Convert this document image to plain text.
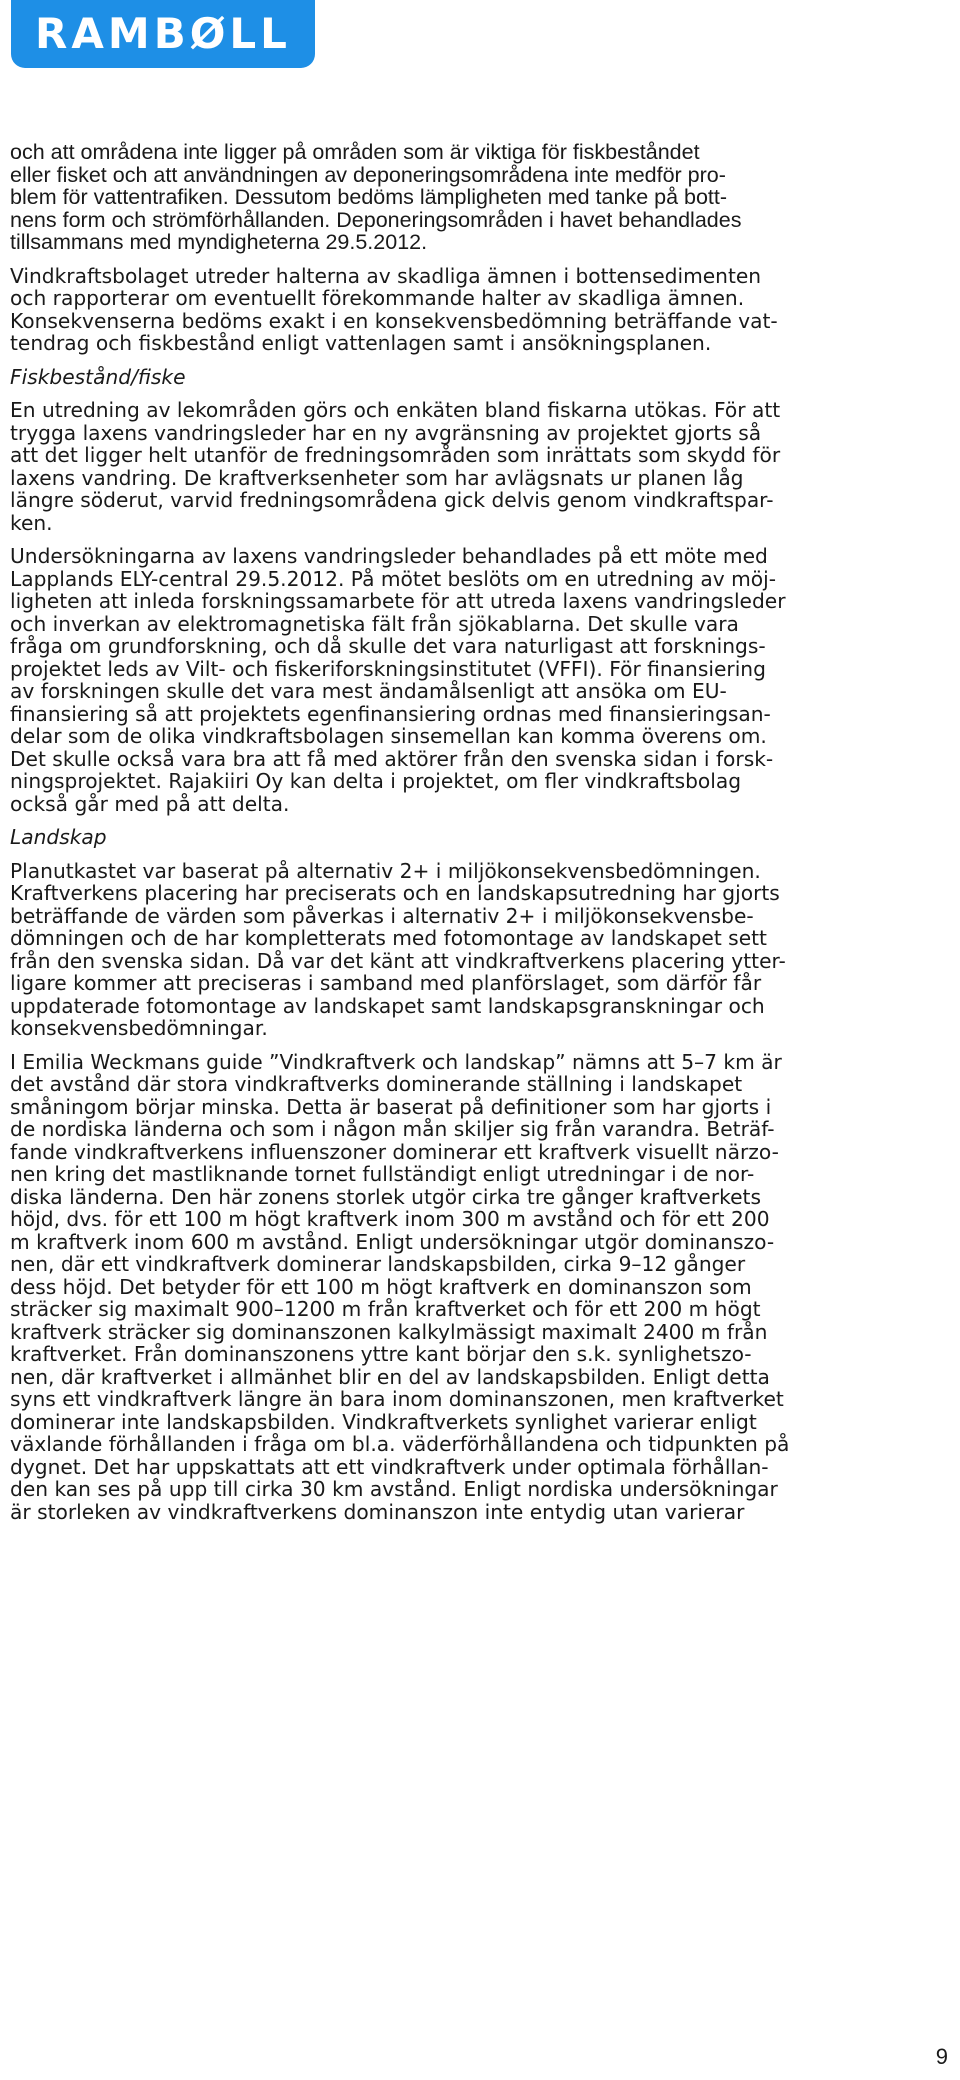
RAMBØLL

och att områdena inte ligger på områden som är viktiga för fiskbeståndet
eller fisket och att användningen av deponeringsområdena inte medför pro-
blem för vattentrafiken. Dessutom bedöms lämpligheten med tanke på bott-
nens form och strömförhållanden. Deponeringsområden i havet behandlades
tillsammans med myndigheterna 29.5.2012.

Vindkraftsbolaget utreder halterna av skadliga ämnen i bottensedimenten
och rapporterar om eventuellt förekommande halter av skadliga ämnen.
Konsekvenserna bedöms exakt i en konsekvensbedömning beträffande vat-
tendrag och fiskbestånd enligt vattenlagen samt i ansökningsplanen.

Fiskbestånd/fiske

En utredning av lekområden görs och enkäten bland fiskarna utökas. För att
trygga laxens vandringsleder har en ny avgränsning av projektet gjorts så
att det ligger helt utanför de fredningsområden som inrättats som skydd för
laxens vandring. De kraftverksenheter som har avlägsnats ur planen låg
längre söderut, varvid fredningsområdena gick delvis genom vindkraftspar-
ken.

Undersökningarna av laxens vandringsleder behandlades på ett möte med
Lapplands ELY-central 29.5.2012. På mötet beslöts om en utredning av möj-
ligheten att inleda forskningssamarbete för att utreda laxens vandringsleder
och inverkan av elektromagnetiska fält från sjökablarna. Det skulle vara
fråga om grundforskning, och då skulle det vara naturligast att forsknings-
projektet leds av Vilt- och fiskeriforskningsinstitutet (VFFI). För finansiering
av forskningen skulle det vara mest ändamålsenligt att ansöka om EU-
finansiering så att projektets egenfinansiering ordnas med finansieringsan-
delar som de olika vindkraftsbolagen sinsemellan kan komma överens om.
Det skulle också vara bra att få med aktörer från den svenska sidan i forsk-
ningsprojektet. Rajakiiri Oy kan delta i projektet, om fler vindkraftsbolag
också går med på att delta.

Landskap

Planutkastet var baserat på alternativ 2+ i miljökonsekvensbedömningen.
Kraftverkens placering har preciserats och en landskapsutredning har gjorts
beträffande de värden som påverkas i alternativ 2+ i miljökonsekvensbe-
dömningen och de har kompletterats med fotomontage av landskapet sett
från den svenska sidan. Då var det känt att vindkraftverkens placering ytter-
ligare kommer att preciseras i samband med planförslaget, som därför får
uppdaterade fotomontage av landskapet samt landskapsgranskningar och
konsekvensbedömningar.

I Emilia Weckmans guide ”Vindkraftverk och landskap” nämns att 5–7 km är
det avstånd där stora vindkraftverks dominerande ställning i landskapet
småningom börjar minska. Detta är baserat på definitioner som har gjorts i
de nordiska länderna och som i någon mån skiljer sig från varandra. Beträf-
fande vindkraftverkens influenszoner dominerar ett kraftverk visuellt närzo-
nen kring det mastliknande tornet fullständigt enligt utredningar i de nor-
diska länderna. Den här zonens storlek utgör cirka tre gånger kraftverkets
höjd, dvs. för ett 100 m högt kraftverk inom 300 m avstånd och för ett 200
m kraftverk inom 600 m avstånd. Enligt undersökningar utgör dominanszo-
nen, där ett vindkraftverk dominerar landskapsbilden, cirka 9–12 gånger
dess höjd. Det betyder för ett 100 m högt kraftverk en dominanszon som
sträcker sig maximalt 900–1200 m från kraftverket och för ett 200 m högt
kraftverk sträcker sig dominanszonen kalkylmässigt maximalt 2400 m från
kraftverket. Från dominanszonens yttre kant börjar den s.k. synlighetszo-
nen, där kraftverket i allmänhet blir en del av landskapsbilden. Enligt detta
syns ett vindkraftverk längre än bara inom dominanszonen, men kraftverket
dominerar inte landskapsbilden. Vindkraftverkets synlighet varierar enligt
växlande förhållanden i fråga om bl.a. väderförhållandena och tidpunkten på
dygnet. Det har uppskattats att ett vindkraftverk under optimala förhållan-
den kan ses på upp till cirka 30 km avstånd. Enligt nordiska undersökningar
är storleken av vindkraftverkens dominanszon inte entydig utan varierar

9
